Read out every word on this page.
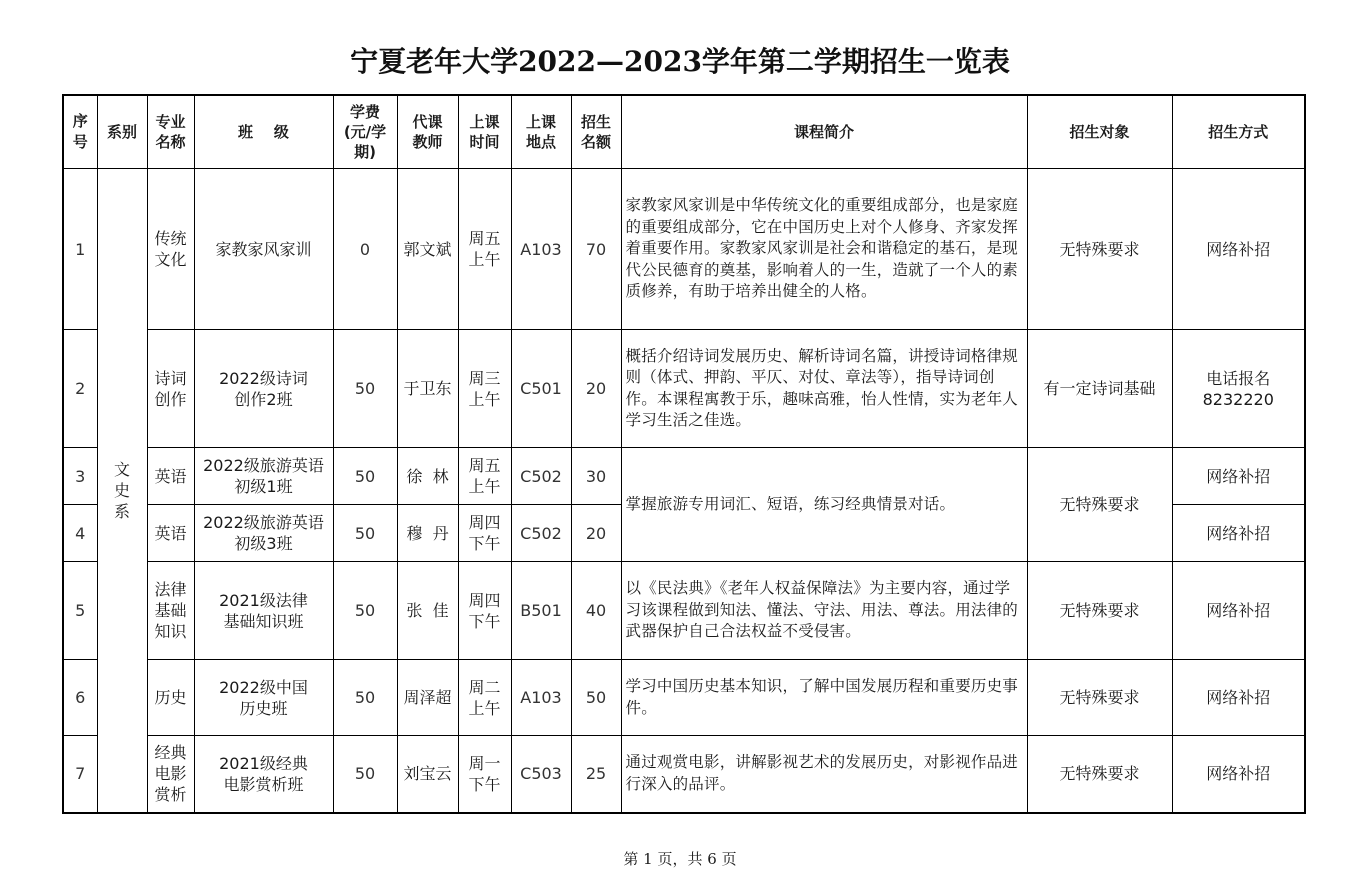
宁夏老年大学2022—2023学年第二学期招生一览表
序号	系别	专业名称	班    级	学费(元/学期)	代课教师	上课时间	上课地点	招生名额	课程简介	招生对象	招生方式
1	文史系	传统文化	家教家风家训	0	郭文斌	周五上午	A103	70	家教家风家训是中华传统文化的重要组成部分，也是家庭的重要组成部分，它在中国历史上对个人修身、齐家发挥着重要作用。家教家风家训是社会和谐稳定的基石，是现代公民德育的奠基，影响着人的一生，造就了一个人的素质修养，有助于培养出健全的人格。	无特殊要求	网络补招
2		诗词创作	2022级诗词创作2班	50	于卫东	周三上午	C501	20	概括介绍诗词发展历史、解析诗词名篇，讲授诗词格律规则（体式、押韵、平仄、对仗、章法等），指导诗词创作。本课程寓教于乐，趣味高雅，怡人性情，实为老年人学习生活之佳选。	有一定诗词基础	电话报名8232220
3		英语	2022级旅游英语初级1班	50	徐  林	周五上午	C502	30	掌握旅游专用词汇、短语，练习经典情景对话。	无特殊要求	网络补招
4		英语	2022级旅游英语初级3班	50	穆  丹	周四下午	C502	20			网络补招
5		法律基础知识	2021级法律基础知识班	50	张  佳	周四下午	B501	40	以《民法典》《老年人权益保障法》为主要内容，通过学习该课程做到知法、懂法、守法、用法、尊法。用法律的武器保护自己合法权益不受侵害。	无特殊要求	网络补招
6		历史	2022级中国历史班	50	周泽超	周二上午	A103	50	学习中国历史基本知识，了解中国发展历程和重要历史事件。	无特殊要求	网络补招
7		经典电影赏析	2021级经典电影赏析班	50	刘宝云	周一下午	C503	25	通过观赏电影，讲解影视艺术的发展历史，对影视作品进行深入的品评。	无特殊要求	网络补招
第 1 页，共 6 页
